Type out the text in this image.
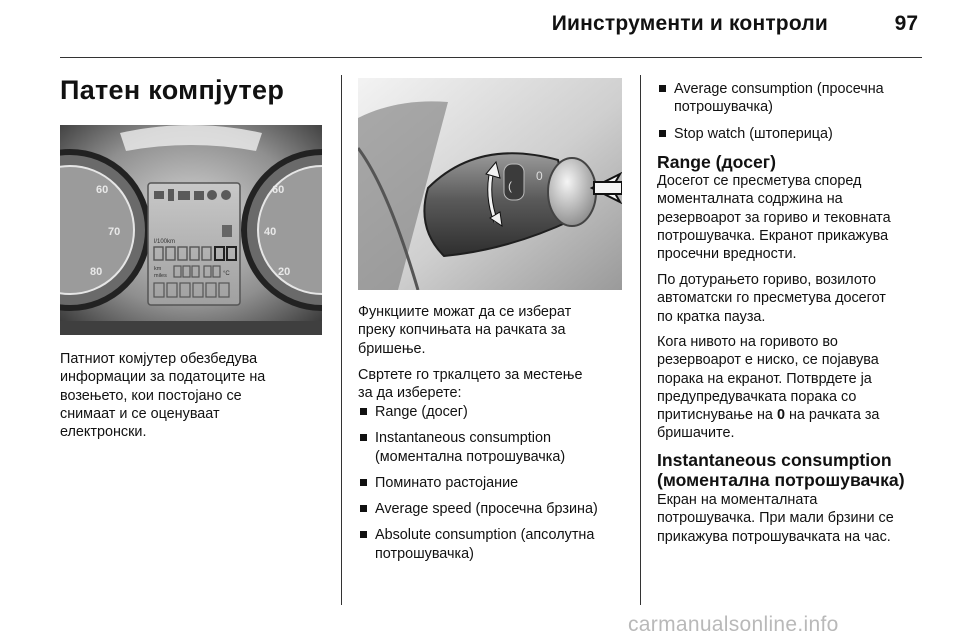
Иинструменти и контроли	97
Патен компјутер
60
70
80
60
40
20
l/100km
km
miles	°C
Патниот комјутер обезбедува
информации за податоците на
возењето, кои постојано се
снимаат и се оценуваат
електронски.
(
0
Функциите можат да се изберат
преку копчињата на рачката за
бришење.
Свртете го тркалцето за местење
за да изберете:
Range (досег)
Instantaneous consumption
(моментална потрошувачка)
Поминато растојание
Average speed (просечна брзина)
Absolute consumption (апсолутна
потрошувачка)
Average consumption (просечна
потрошувачка)
Stop watch (штоперица)
Range (досег)
Досегот се пресметува според
моменталната содржина на
резервоарот за гориво и тековната
потрошувачка. Екранот прикажува
просечни вредности.
По дотурањето гориво, возилото
автоматски го пресметува досегот
по кратка пауза.
Кога нивото на горивото во
резервоарот е ниско, се појавува
порака на екранот. Потврдете ја
предупредувачката порака со
притиснување на 0 на рачката за
бришачите.
Instantaneous consumption
(моментална потрошувачка)
Екран на моменталната
потрошувачка. При мали брзини се
прикажува потрошувачката на час.
carmanualsonline.info
